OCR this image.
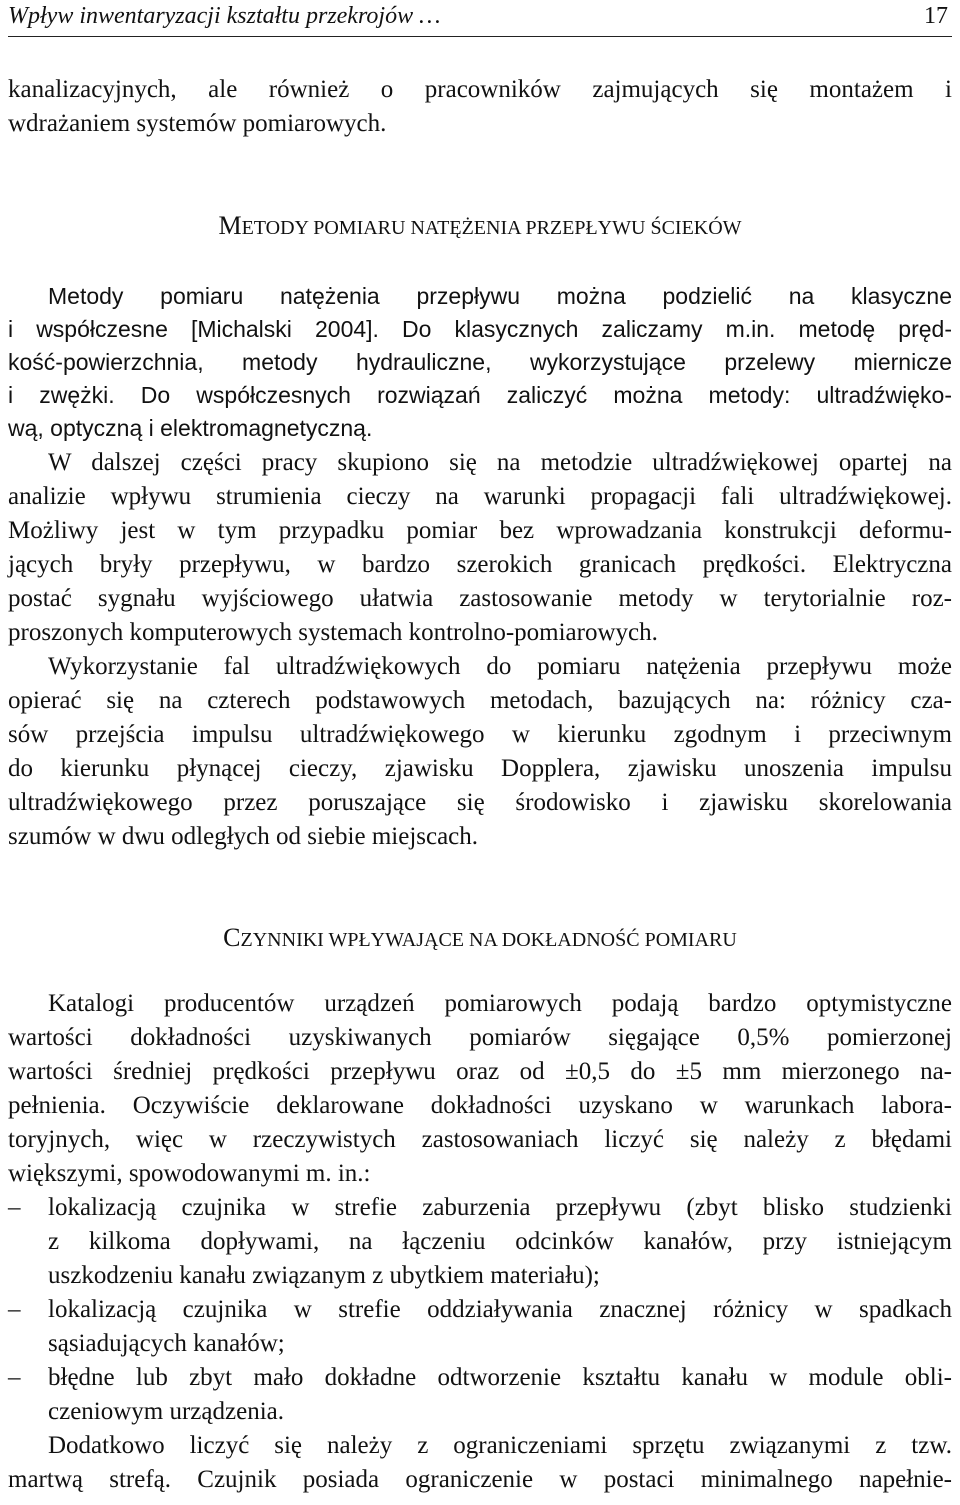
Wpływ inwentaryzacji kształtu przekrojów …	17
kanalizacyjnych, ale również o pracowników zajmujących się montażem i
wdrażaniem systemów pomiarowych.
METODY POMIARU NATĘŻENIA PRZEPŁYWU ŚCIEKÓW
Metody pomiaru natężenia przepływu można podzielić na klasyczne
i współczesne [Michalski 2004]. Do klasycznych zaliczamy m.in. metodę pręd-
kość-powierzchnia, metody hydrauliczne, wykorzystujące przelewy miernicze
i zwężki. Do współczesnych rozwiązań zaliczyć można metody: ultradźwięko-
wą, optyczną i elektromagnetyczną.
W dalszej części pracy skupiono się na metodzie ultradźwiękowej opartej na
analizie wpływu strumienia cieczy na warunki propagacji fali ultradźwiękowej.
Możliwy jest w tym przypadku pomiar bez wprowadzania konstrukcji deformu-
jących bryły przepływu, w bardzo szerokich granicach prędkości. Elektryczna
postać sygnału wyjściowego ułatwia zastosowanie metody w terytorialnie roz-
proszonych komputerowych systemach kontrolno-pomiarowych.
Wykorzystanie fal ultradźwiękowych do pomiaru natężenia przepływu może
opierać się na czterech podstawowych metodach, bazujących na: różnicy cza-
sów przejścia impulsu ultradźwiękowego w kierunku zgodnym i przeciwnym
do kierunku płynącej cieczy, zjawisku Dopplera, zjawisku unoszenia impulsu
ultradźwiękowego przez poruszające się środowisko i zjawisku skorelowania
szumów w dwu odległych od siebie miejscach.
CZYNNIKI WPŁYWAJĄCE NA DOKŁADNOŚĆ POMIARU
Katalogi producentów urządzeń pomiarowych podają bardzo optymistyczne
wartości dokładności uzyskiwanych pomiarów sięgające 0,5% pomierzonej
wartości średniej prędkości przepływu oraz od ±0,5 do ±5 mm mierzonego na-
pełnienia. Oczywiście deklarowane dokładności uzyskano w warunkach labora-
toryjnych, więc w rzeczywistych zastosowaniach liczyć się należy z błędami
większymi, spowodowanymi m. in.:
– lokalizacją czujnika w strefie zaburzenia przepływu (zbyt blisko studzienki
z kilkoma dopływami, na łączeniu odcinków kanałów, przy istniejącym
uszkodzeniu kanału związanym z ubytkiem materiału);
– lokalizacją czujnika w strefie oddziaływania znacznej różnicy w spadkach
sąsiadujących kanałów;
– błędne lub zbyt mało dokładne odtworzenie kształtu kanału w module obli-
czeniowym urządzenia.
Dodatkowo liczyć się należy z ograniczeniami sprzętu związanymi z tzw.
martwą strefą. Czujnik posiada ograniczenie w postaci minimalnego napełnie-
